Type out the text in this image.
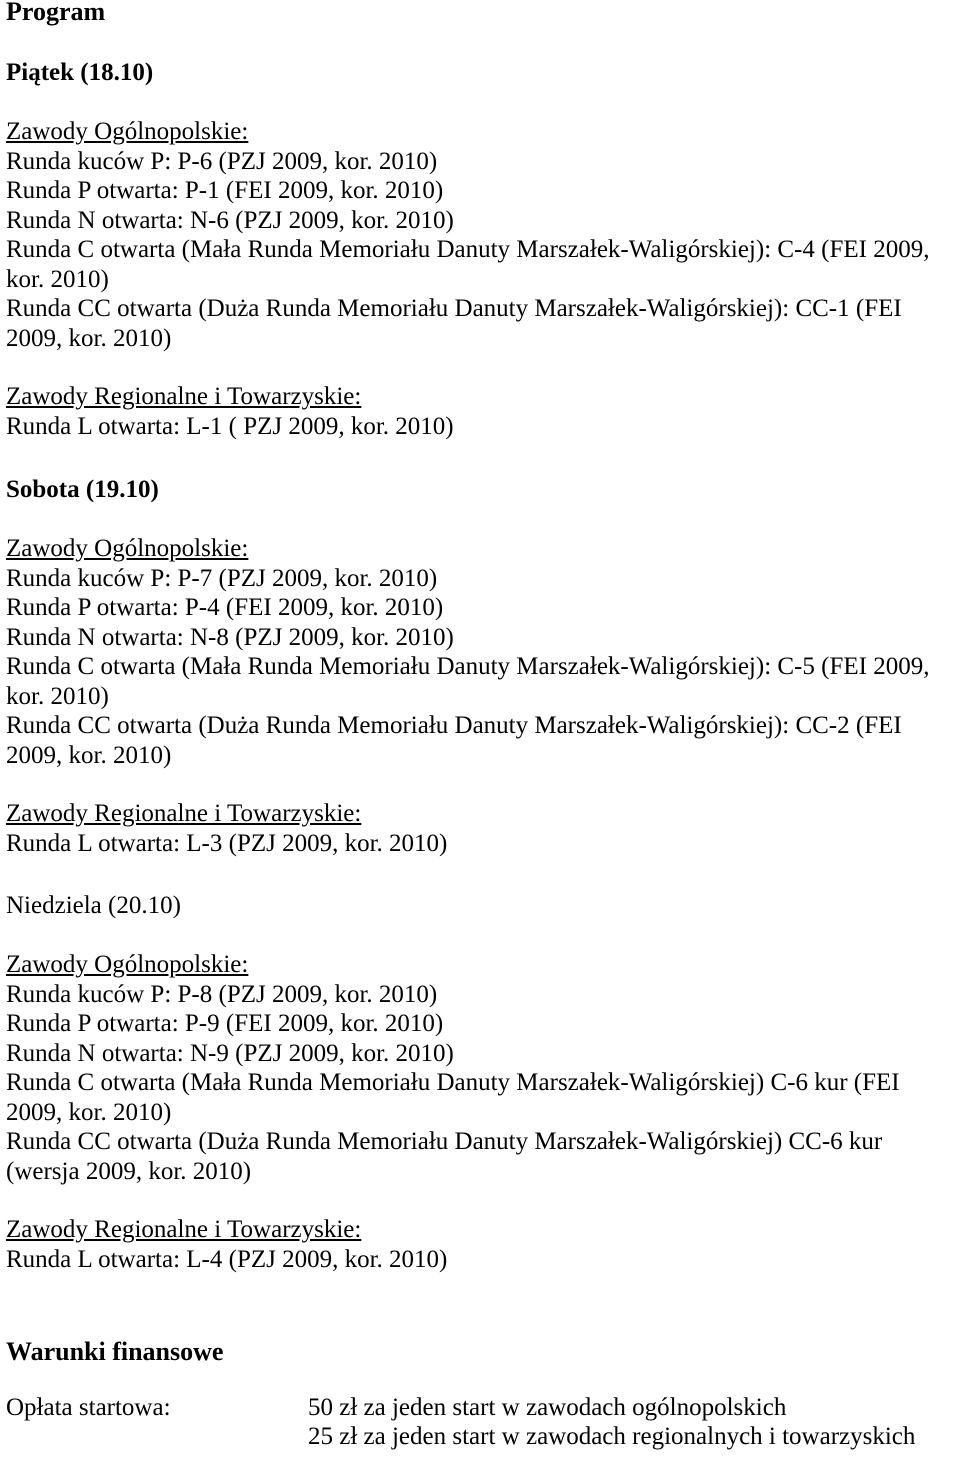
Program
Piątek (18.10)
Zawody Ogólnopolskie:
Runda kuców P: P-6 (PZJ 2009, kor. 2010)
Runda P otwarta: P-1 (FEI 2009, kor. 2010)
Runda N otwarta: N-6 (PZJ 2009, kor. 2010)
Runda C otwarta (Mała Runda Memoriału Danuty Marszałek-Waligórskiej): C-4 (FEI 2009, kor. 2010)
Runda CC otwarta (Duża Runda Memoriału Danuty Marszałek-Waligórskiej): CC-1 (FEI 2009, kor. 2010)
Zawody Regionalne i Towarzyskie:
Runda L otwarta: L-1 ( PZJ 2009, kor. 2010)
Sobota (19.10)
Zawody Ogólnopolskie:
Runda kuców P: P-7 (PZJ 2009, kor. 2010)
Runda P otwarta: P-4 (FEI 2009, kor. 2010)
Runda N otwarta: N-8 (PZJ 2009, kor. 2010)
Runda C otwarta (Mała Runda Memoriału Danuty Marszałek-Waligórskiej): C-5 (FEI 2009, kor. 2010)
Runda CC otwarta (Duża Runda Memoriału Danuty Marszałek-Waligórskiej): CC-2 (FEI 2009, kor. 2010)
Zawody Regionalne i Towarzyskie:
Runda L otwarta: L-3 (PZJ 2009, kor. 2010)
Niedziela (20.10)
Zawody Ogólnopolskie:
Runda kuców P: P-8 (PZJ 2009, kor. 2010)
Runda P otwarta: P-9 (FEI 2009, kor. 2010)
Runda N otwarta: N-9 (PZJ 2009, kor. 2010)
Runda C otwarta (Mała Runda Memoriału Danuty Marszałek-Waligórskiej) C-6 kur (FEI 2009, kor. 2010)
Runda CC otwarta (Duża Runda Memoriału Danuty Marszałek-Waligórskiej) CC-6 kur (wersja 2009, kor. 2010)
Zawody Regionalne i Towarzyskie:
Runda L otwarta: L-4 (PZJ 2009, kor. 2010)
Warunki finansowe
Opłata startowa:	50 zł za jeden start w zawodach ogólnopolskich
25 zł za jeden start w zawodach regionalnych i towarzyskich
